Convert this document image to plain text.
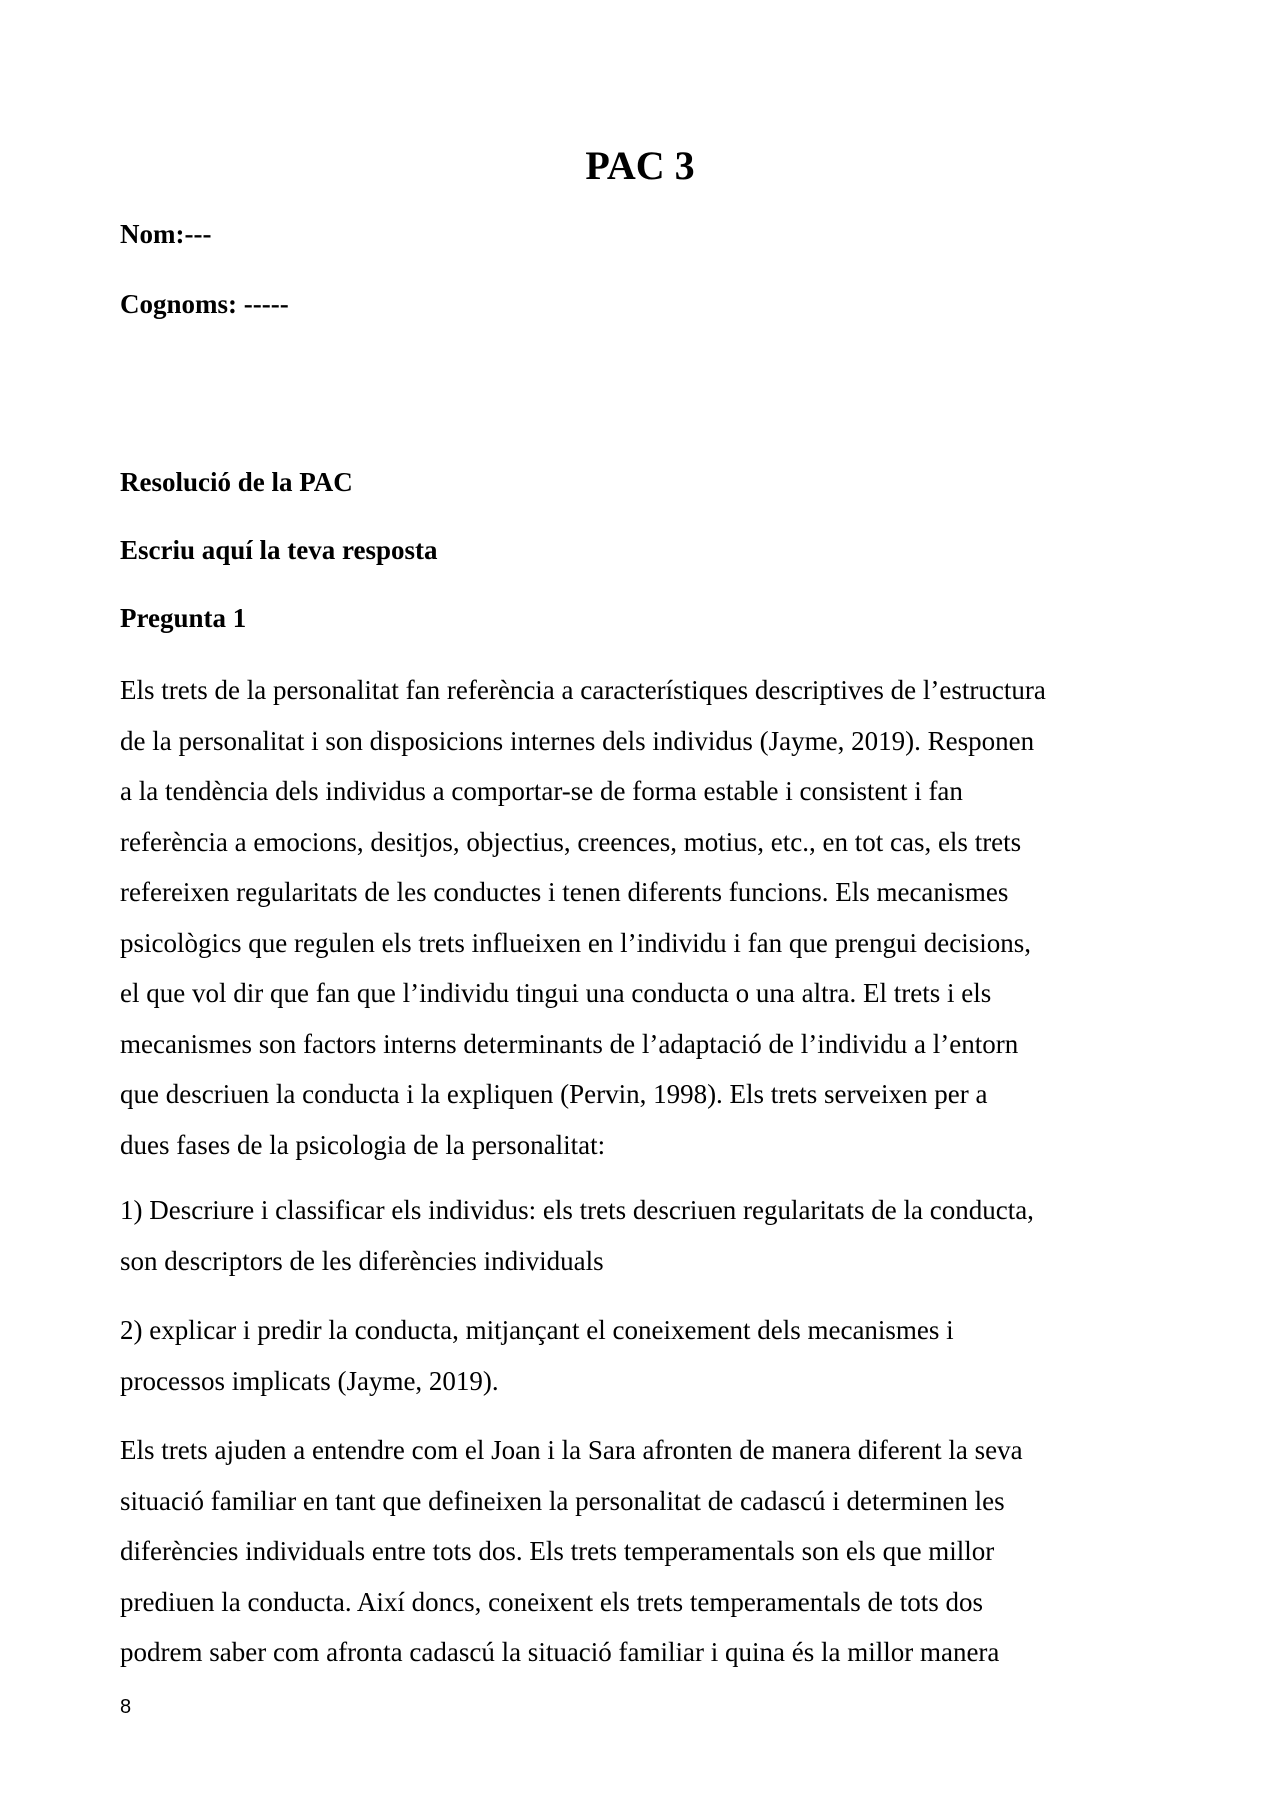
PAC 3
Nom:---
Cognoms: -----
Resolució de la PAC
Escriu aquí la teva resposta
Pregunta 1
Els trets de la personalitat fan referència a característiques descriptives de l’estructura
de la personalitat i son disposicions internes dels individus (Jayme, 2019). Responen
a la tendència dels individus a comportar-se de forma estable i consistent i fan
referència a emocions, desitjos, objectius, creences, motius, etc., en tot cas, els trets
refereixen regularitats de les conductes i tenen diferents funcions. Els mecanismes
psicològics que regulen els trets influeixen en l’individu i fan que prengui decisions,
el que vol dir que fan que l’individu tingui una conducta o una altra. El trets i els
mecanismes son factors interns determinants de l’adaptació de l’individu a l’entorn
que descriuen la conducta i la expliquen (Pervin, 1998). Els trets serveixen per a
dues fases de la psicologia de la personalitat:
1) Descriure i classificar els individus: els trets descriuen regularitats de la conducta,
son descriptors de les diferències individuals
2) explicar i predir la conducta, mitjançant el coneixement dels mecanismes i
processos implicats (Jayme, 2019).
Els trets ajuden a entendre com el Joan i la Sara afronten de manera diferent la seva
situació familiar en tant que defineixen la personalitat de cadascú i determinen les
diferències individuals entre tots dos. Els trets temperamentals son els que millor
prediuen la conducta. Així doncs, coneixent els trets temperamentals de tots dos
podrem saber com afronta cadascú la situació familiar i quina és la millor manera
8
